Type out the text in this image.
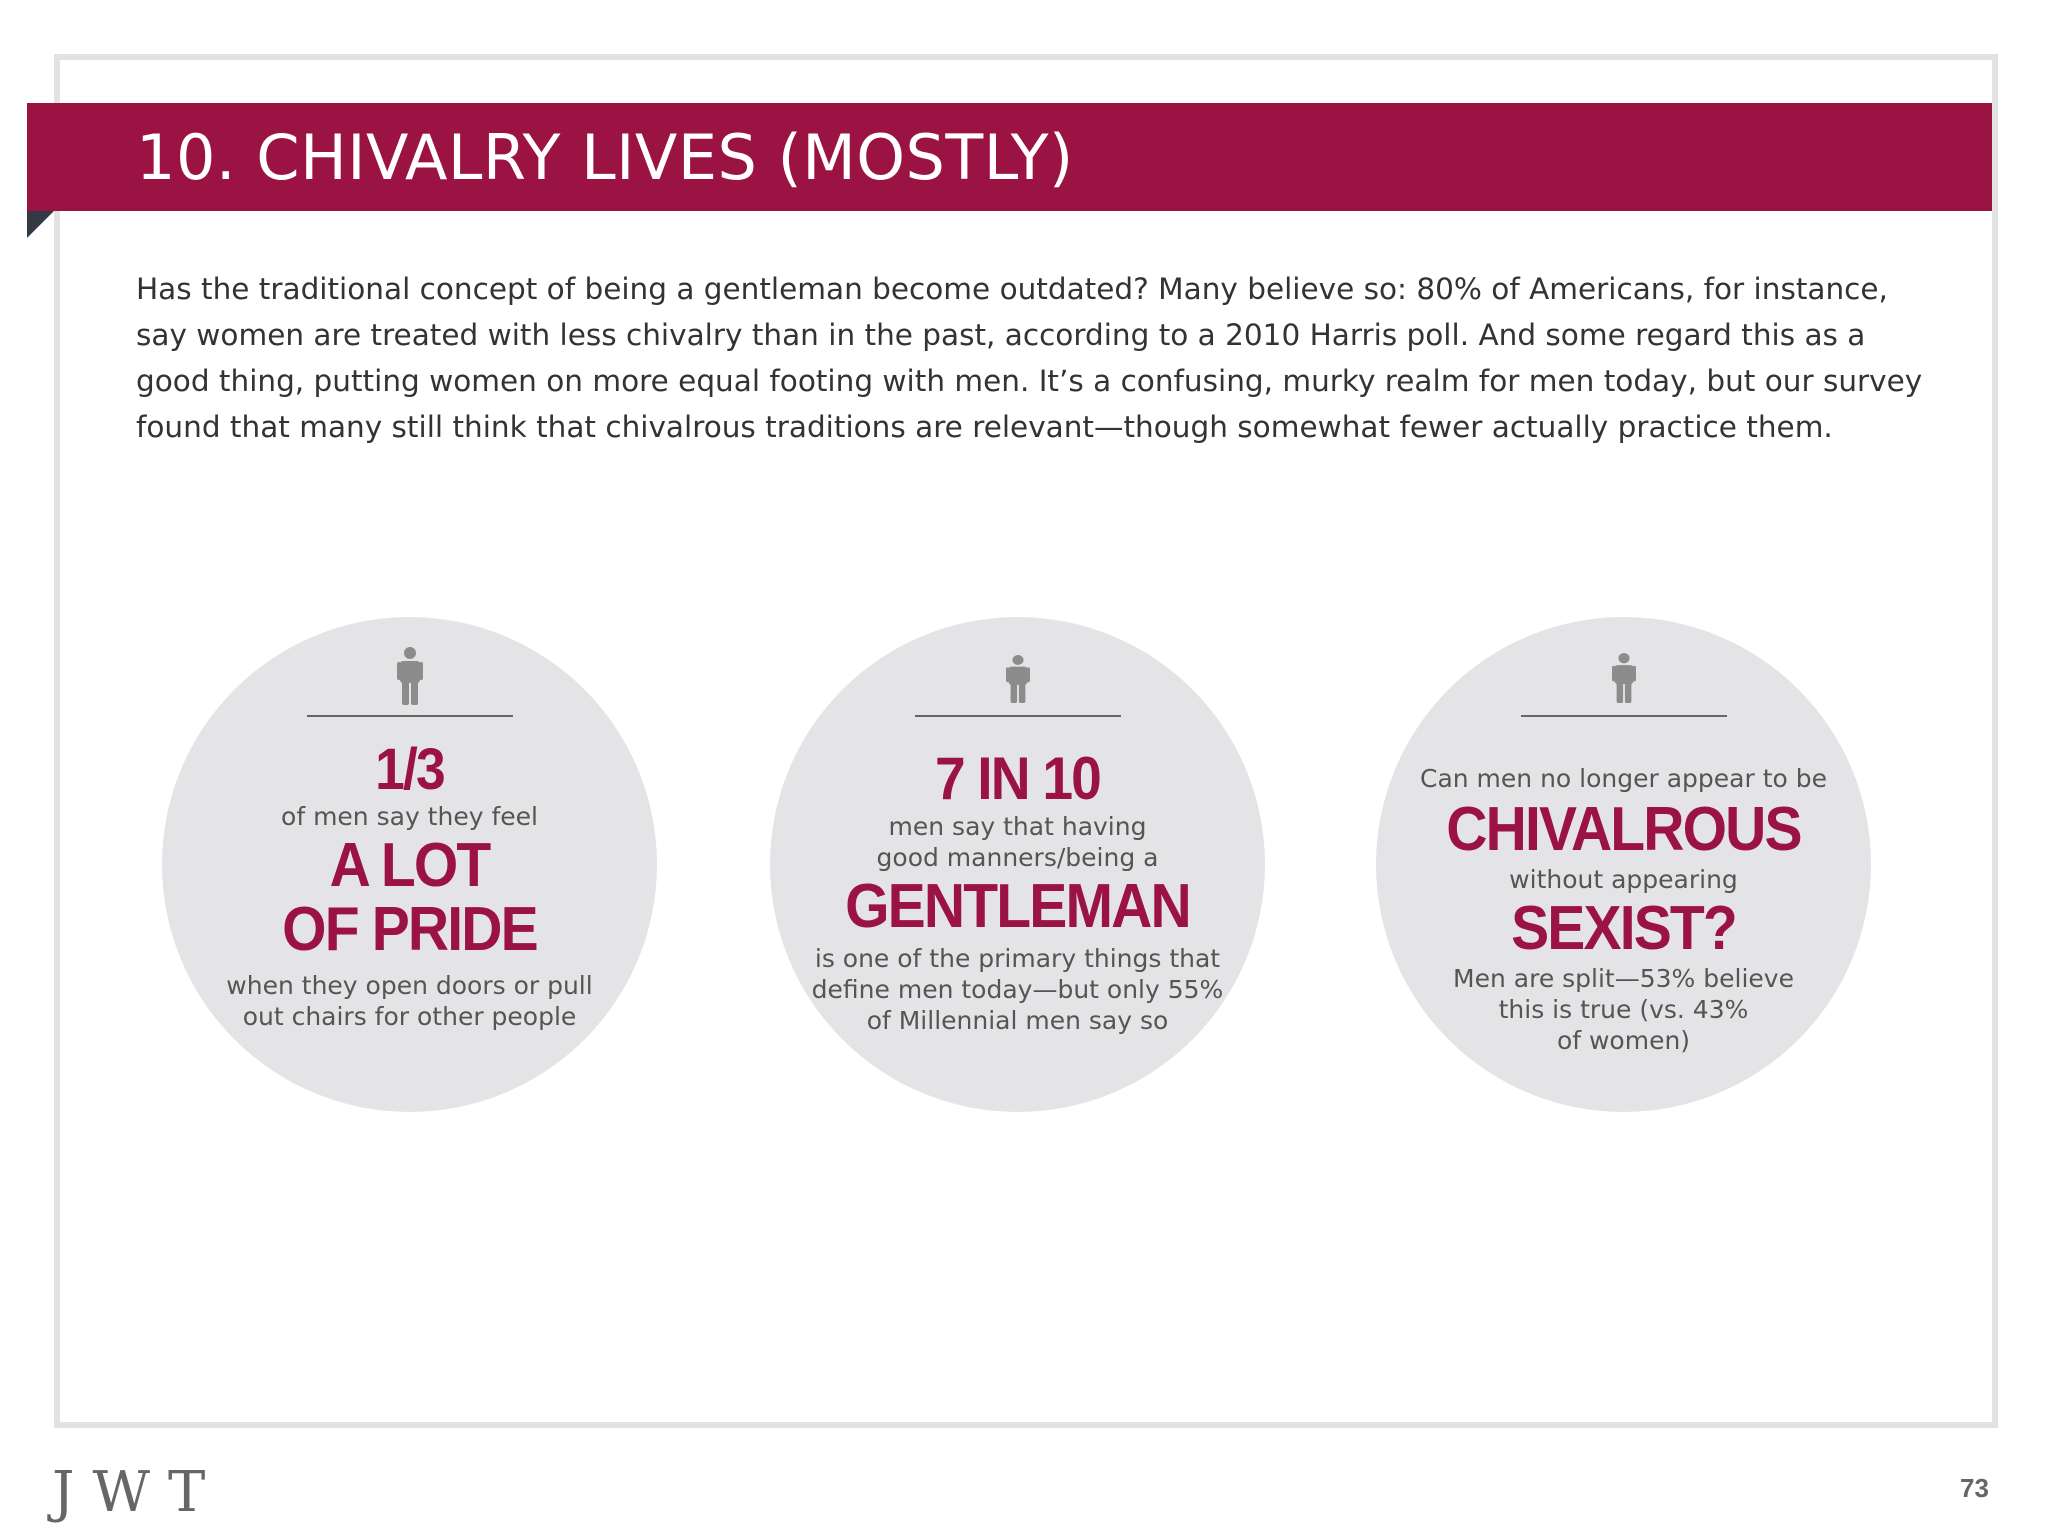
10. CHIVALRY LIVES (MOSTLY)
Has the traditional concept of being a gentleman become outdated? Many believe so: 80% of Americans, for instance, say women are treated with less chivalry than in the past, according to a 2010 Harris poll. And some regard this as a good thing, putting women on more equal footing with men. It’s a confusing, murky realm for men today, but our survey found that many still think that chivalrous traditions are relevant—though somewhat fewer actually practice them.
1/3
of men say they feel
A LOT
OF PRIDE
when they open doors or pull
out chairs for other people
7 IN 10
men say that having
good manners/being a
GENTLEMAN
is one of the primary things that
define men today—but only 55%
of Millennial men say so
Can men no longer appear to be
CHIVALROUS
without appearing
SEXIST?
Men are split—53% believe
this is true (vs. 43%
of women)
JWT	73
